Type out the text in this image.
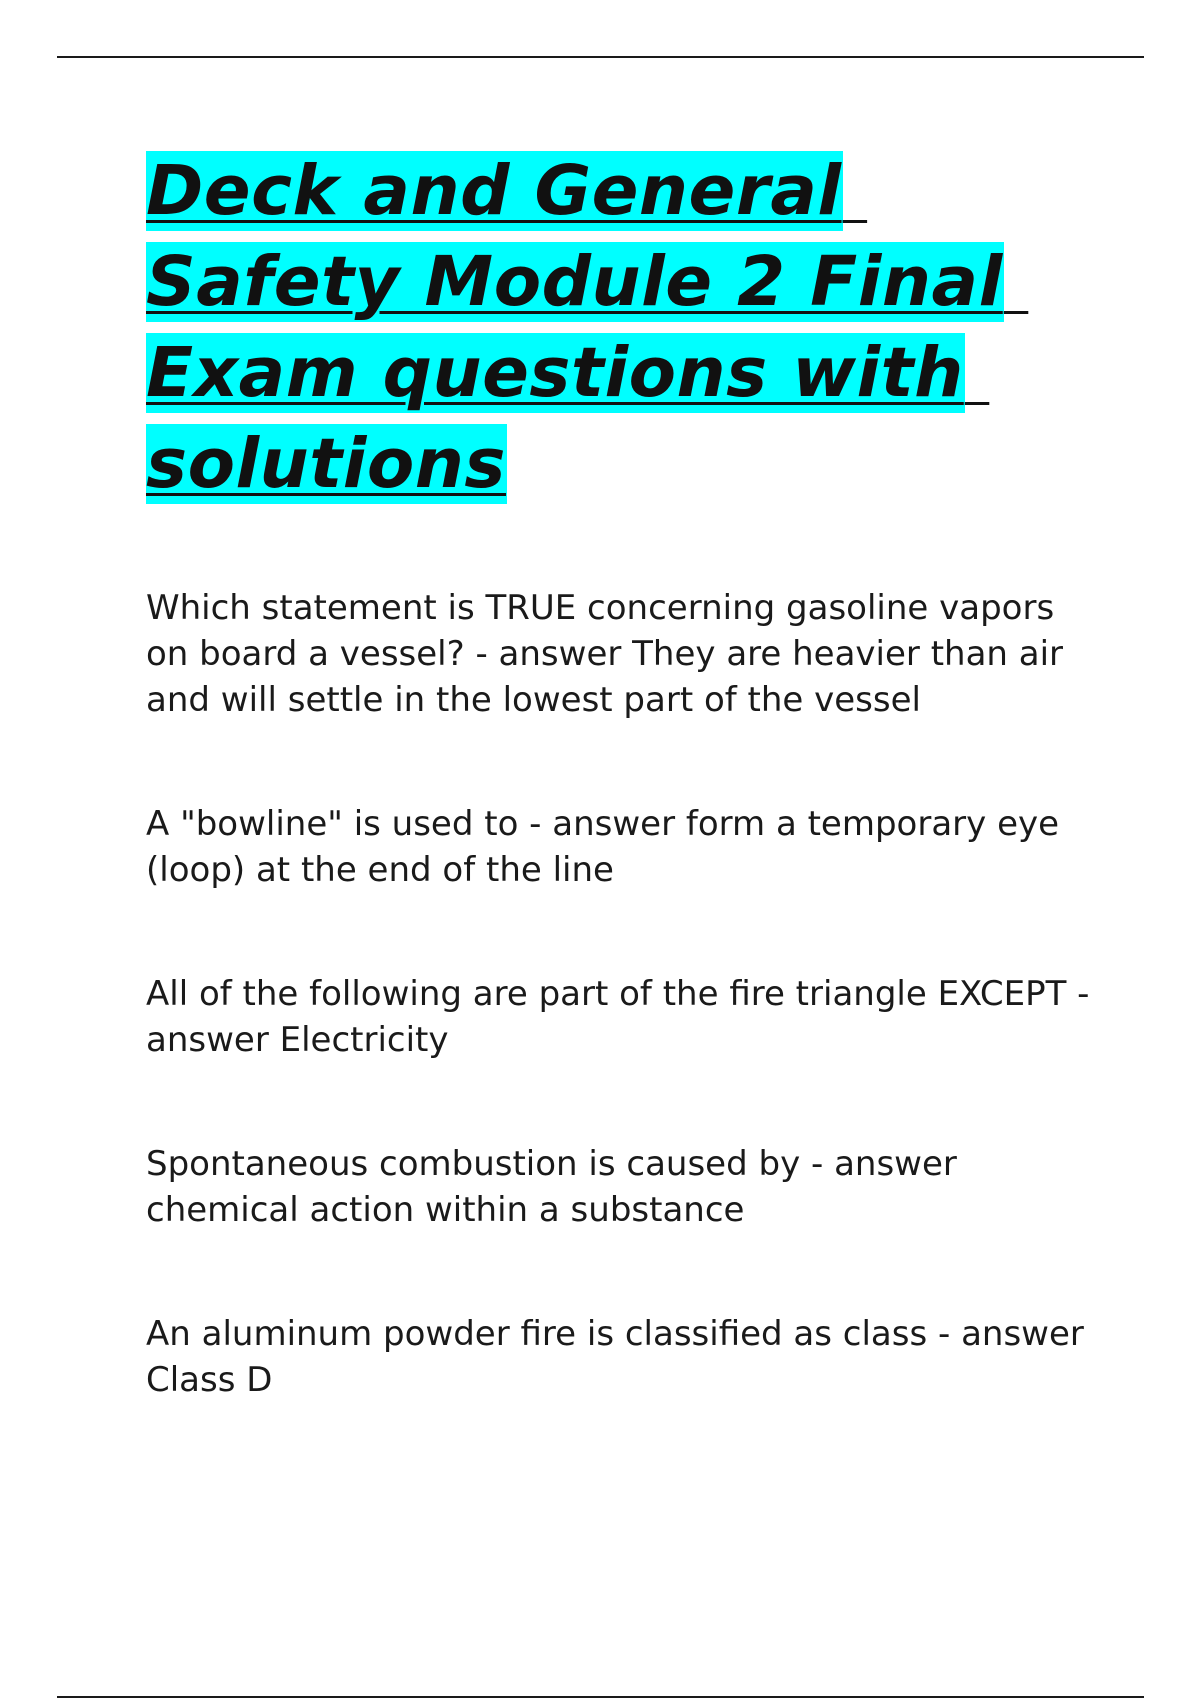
Deck and General
Safety Module 2 Final
Exam questions with
solutions

Which statement is TRUE concerning gasoline vapors on board a vessel? - answer They are heavier than air and will settle in the lowest part of the vessel

A "bowline" is used to - answer form a temporary eye (loop) at the end of the line

All of the following are part of the fire triangle EXCEPT - answer Electricity

Spontaneous combustion is caused by - answer chemical action within a substance

An aluminum powder fire is classified as class - answer Class D
